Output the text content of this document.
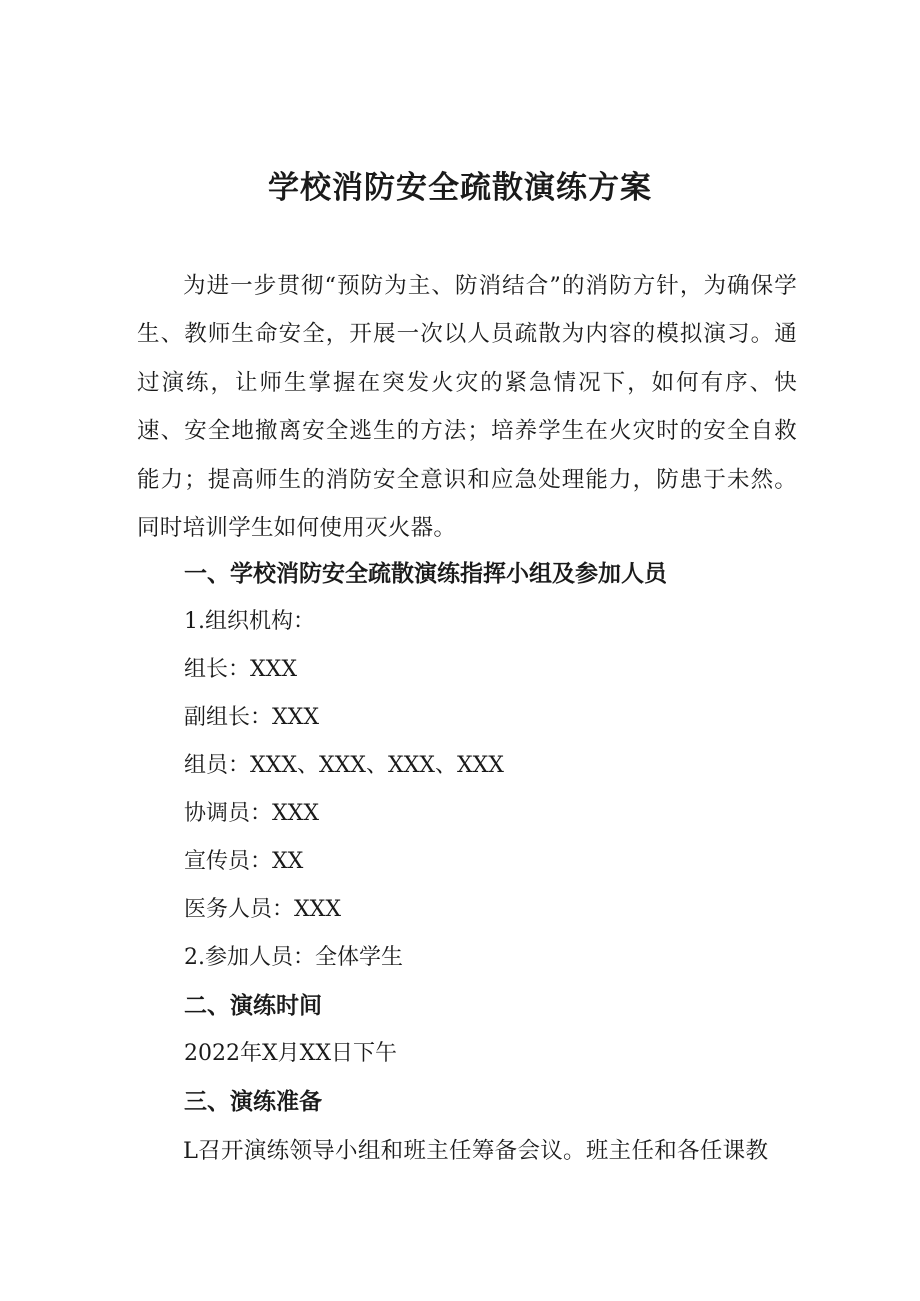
学校消防安全疏散演练方案

为进一步贯彻“预防为主、防消结合”的消防方针，为确保学生、教师生命安全，开展一次以人员疏散为内容的模拟演习。通过演练，让师生掌握在突发火灾的紧急情况下，如何有序、快速、安全地撤离安全逃生的方法；培养学生在火灾时的安全自救能力；提高师生的消防安全意识和应急处理能力，防患于未然。同时培训学生如何使用灭火器。

一、学校消防安全疏散演练指挥小组及参加人员

1.组织机构：

组长：XXX

副组长：XXX

组员：XXX、XXX、XXX、XXX

协调员：XXX

宣传员：XX

医务人员：XXX

2.参加人员：全体学生

二、演练时间

2022年X月XX日下午

三、演练准备

L召开演练领导小组和班主任筹备会议。班主任和各任课教
